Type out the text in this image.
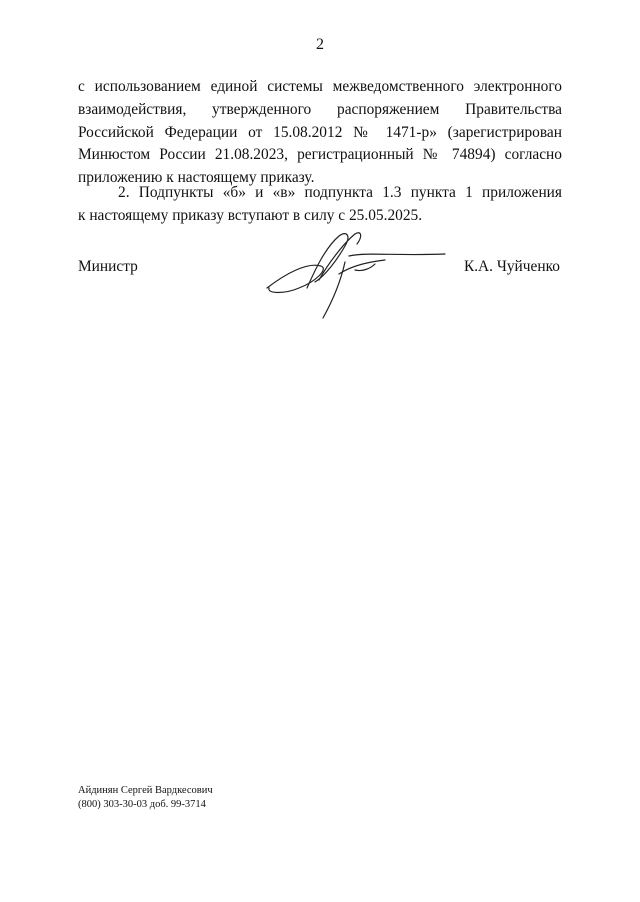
2
с использованием единой системы межведомственного электронного
взаимодействия, утвержденного распоряжением Правительства
Российской Федерации от 15.08.2012 № 1471-р» (зарегистрирован
Минюстом России 21.08.2023, регистрационный № 74894) согласно
приложению к настоящему приказу.
2. Подпункты «б» и «в» подпункта 1.3 пункта 1 приложения
к настоящему приказу вступают в силу с 25.05.2025.
Министр	К.А. Чуйченко
Айдинян Сергей Вардкесович
(800) 303-30-03 доб. 99-3714
